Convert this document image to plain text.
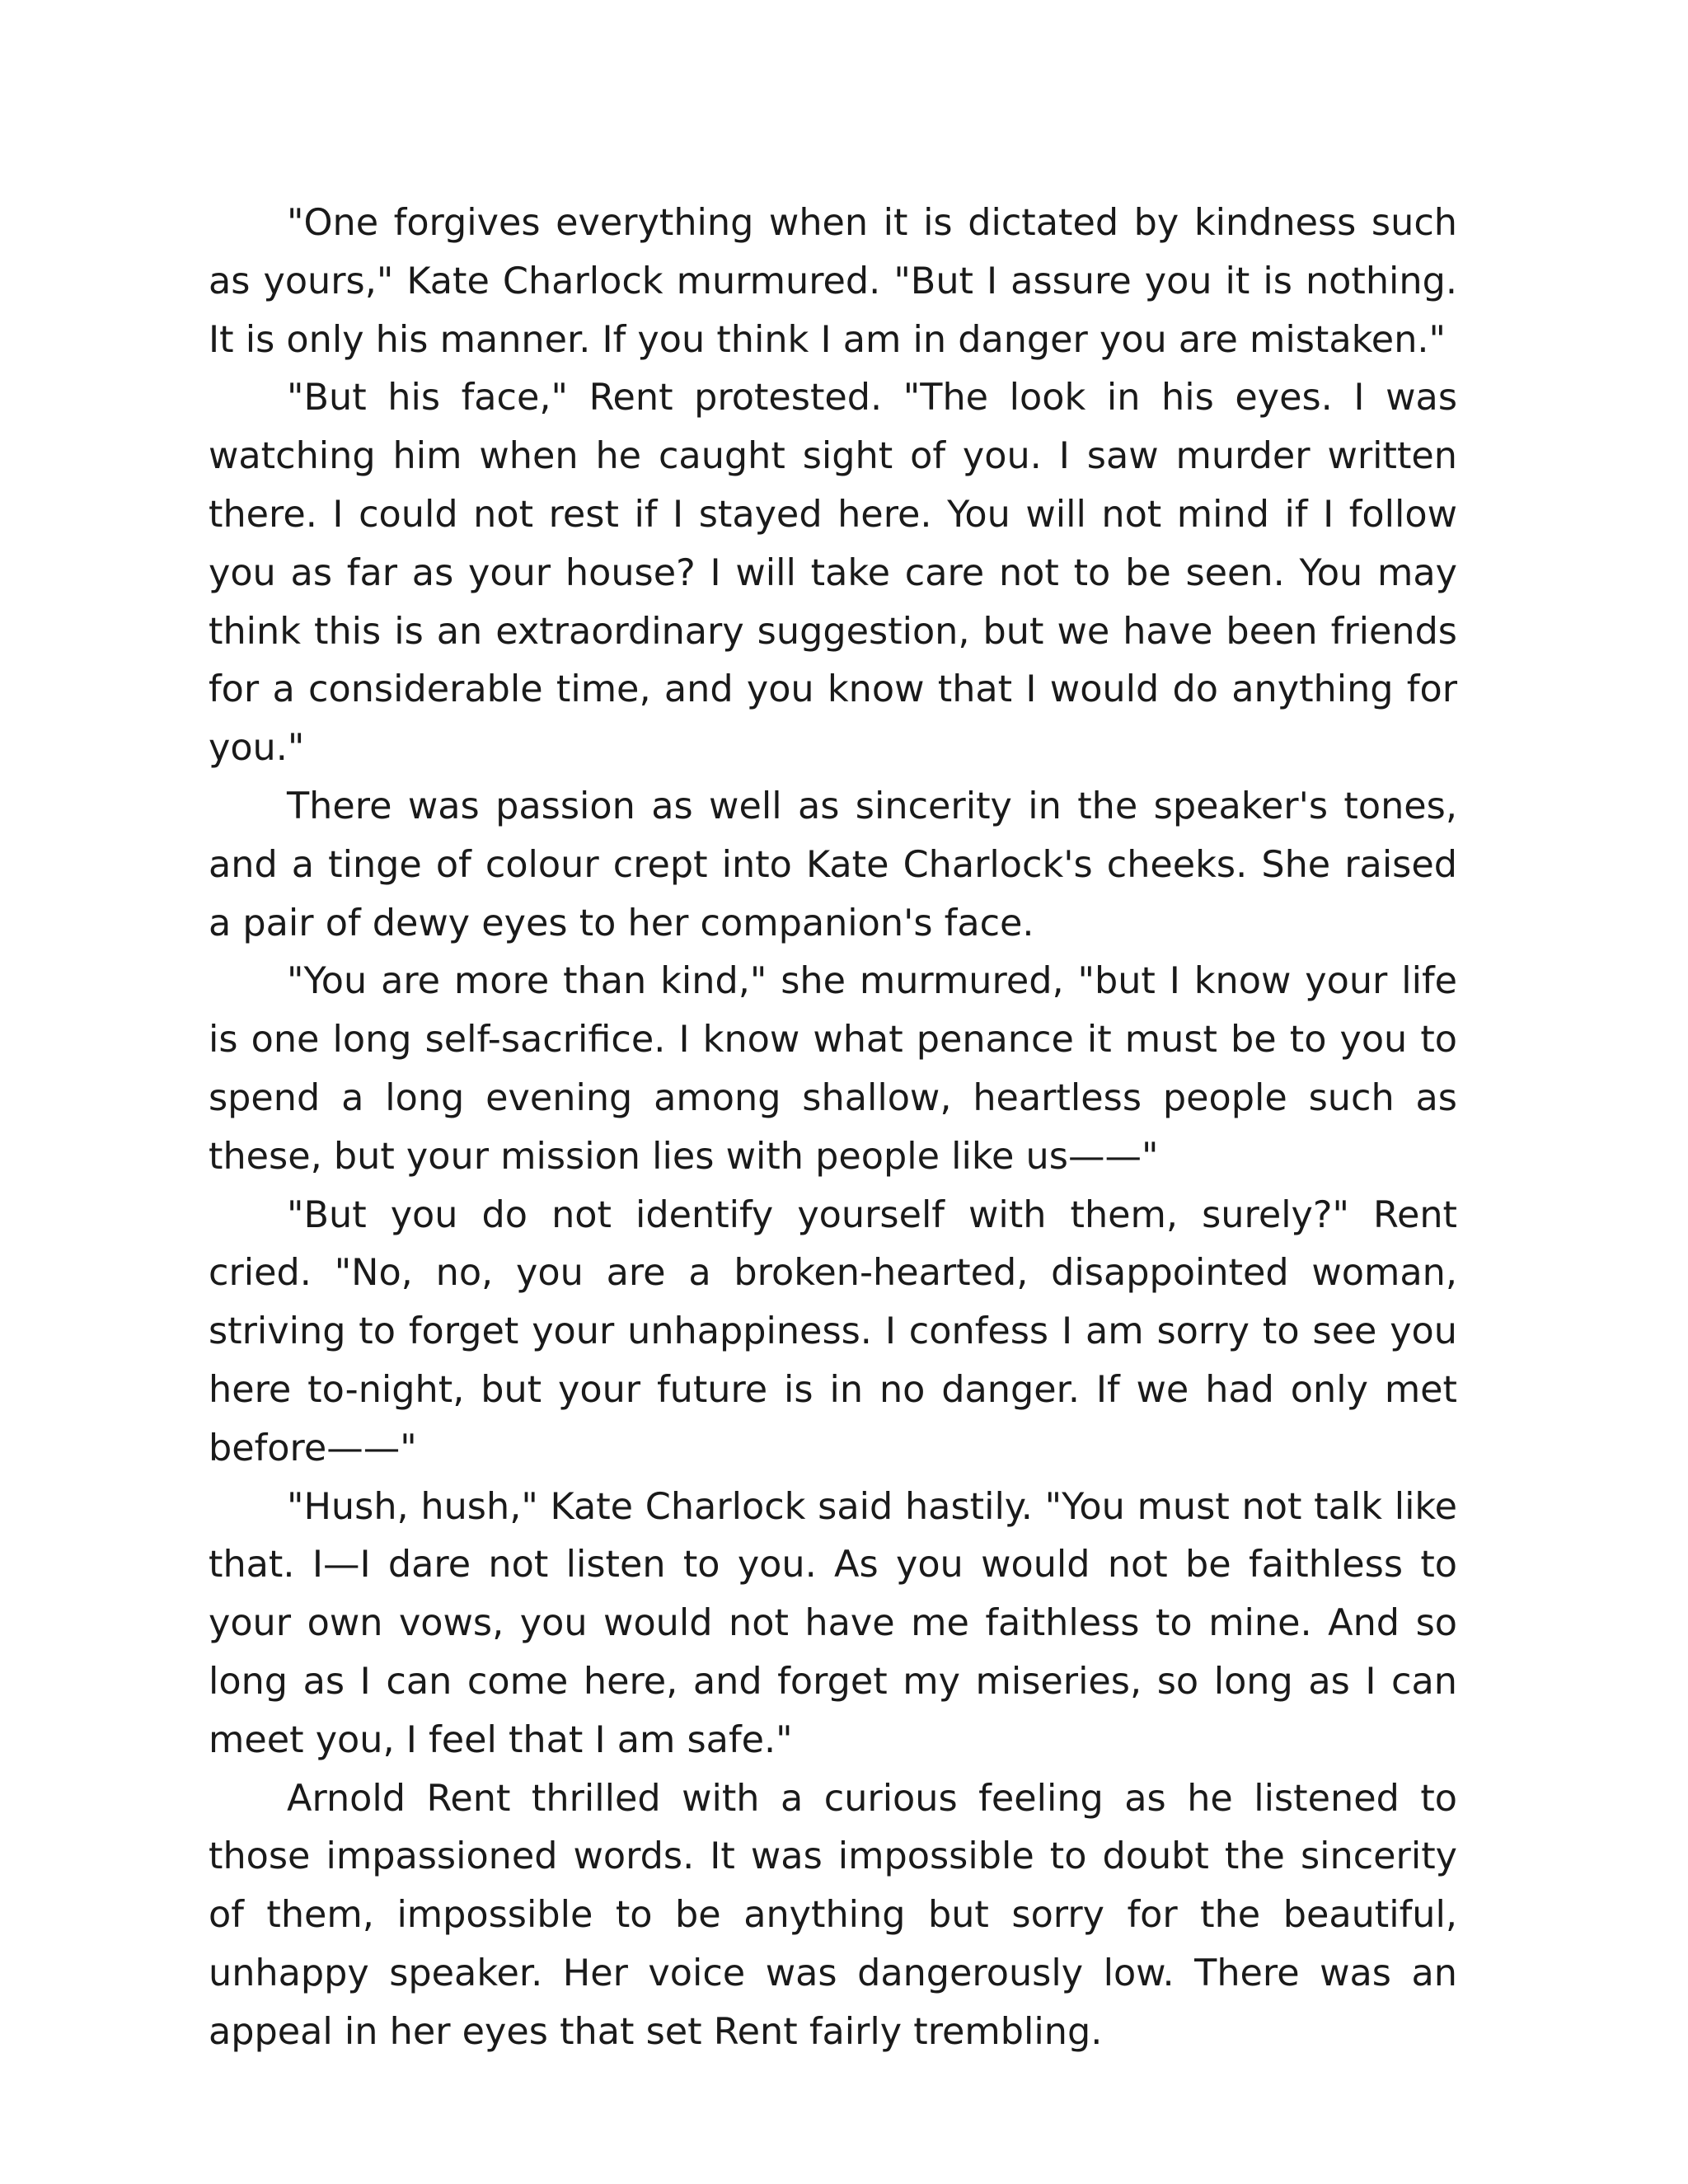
"One forgives everything when it is dictated by kindness such as yours," Kate Charlock murmured. "But I assure you it is nothing. It is only his manner. If you think I am in danger you are mistaken."

"But his face," Rent protested. "The look in his eyes. I was watching him when he caught sight of you. I saw murder written there. I could not rest if I stayed here. You will not mind if I follow you as far as your house? I will take care not to be seen. You may think this is an extraordinary suggestion, but we have been friends for a considerable time, and you know that I would do anything for you."

There was passion as well as sincerity in the speaker's tones, and a tinge of colour crept into Kate Charlock's cheeks. She raised a pair of dewy eyes to her companion's face.

"You are more than kind," she murmured, "but I know your life is one long self-sacrifice. I know what penance it must be to you to spend a long evening among shallow, heartless people such as these, but your mission lies with people like us——"

"But you do not identify yourself with them, surely?" Rent cried. "No, no, you are a broken-hearted, disappointed woman, striving to forget your unhappiness. I confess I am sorry to see you here to-night, but your future is in no danger. If we had only met before——"

"Hush, hush," Kate Charlock said hastily. "You must not talk like that. I—I dare not listen to you. As you would not be faithless to your own vows, you would not have me faithless to mine. And so long as I can come here, and forget my miseries, so long as I can meet you, I feel that I am safe."

Arnold Rent thrilled with a curious feeling as he listened to those impassioned words. It was impossible to doubt the sincerity of them, impossible to be anything but sorry for the beautiful, unhappy speaker. Her voice was dangerously low. There was an appeal in her eyes that set Rent fairly trembling.
